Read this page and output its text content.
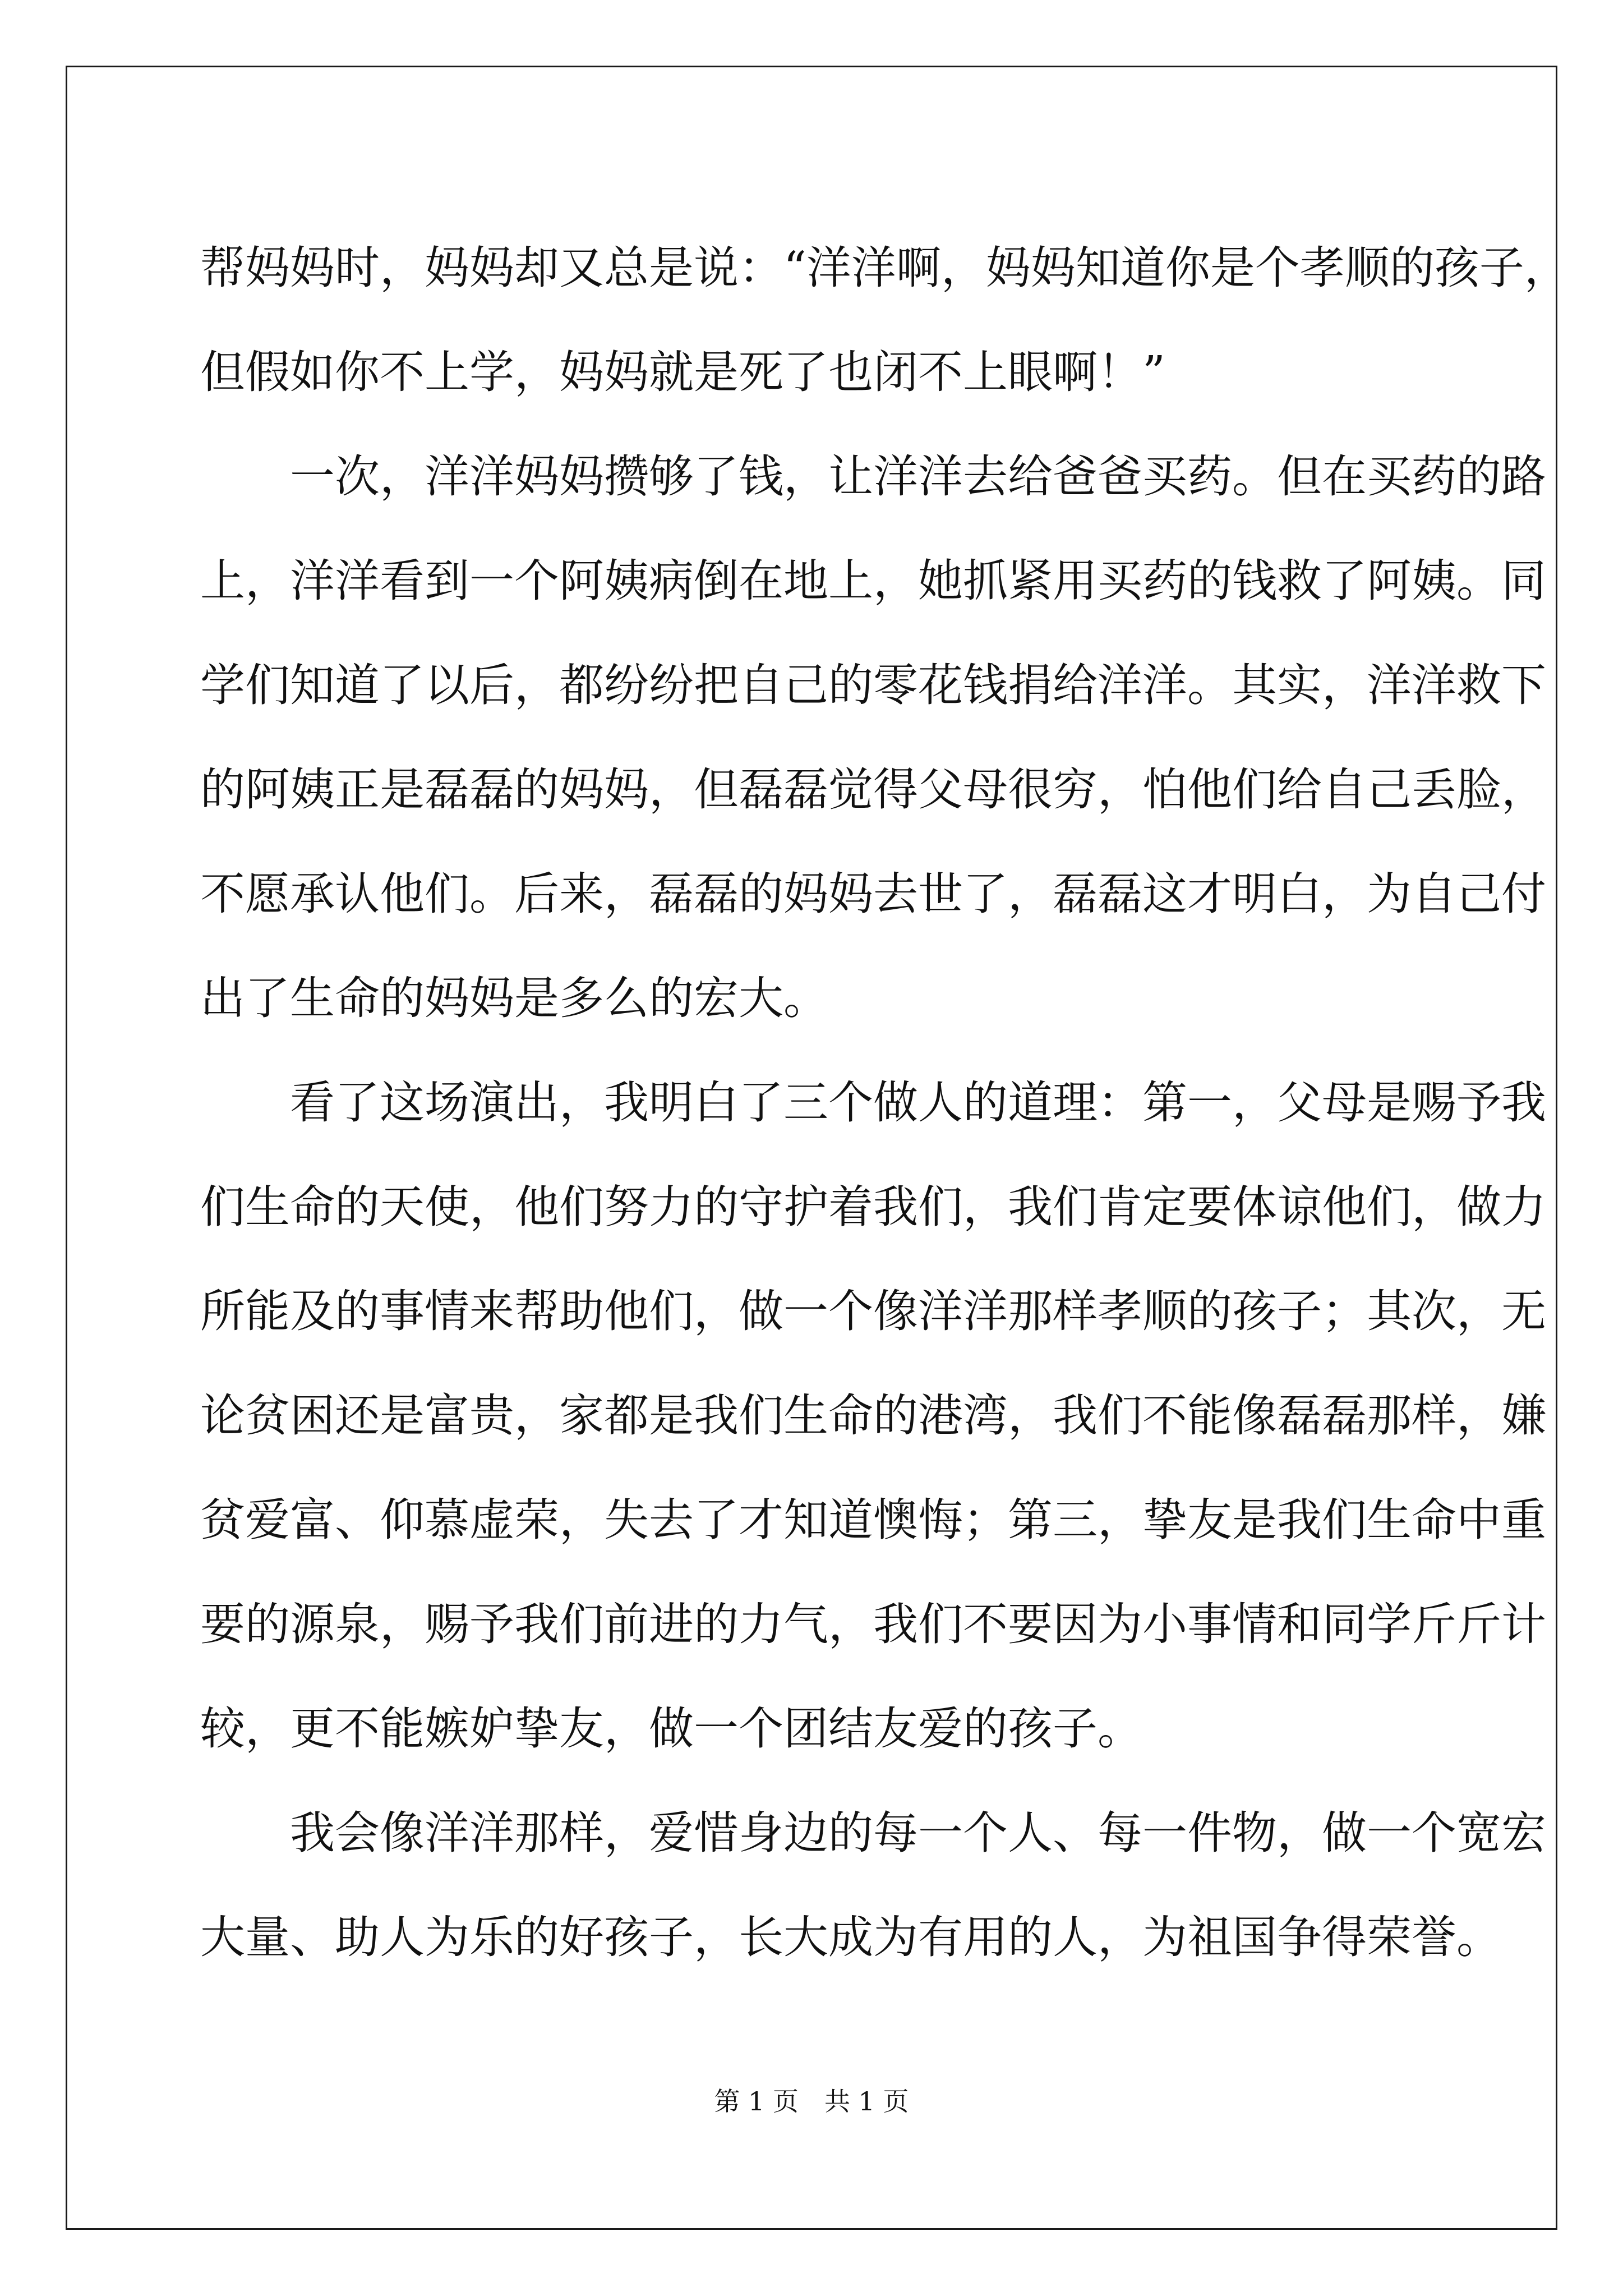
帮妈妈时，妈妈却又总是说：“洋洋啊，妈妈知道你是个孝顺的孩子，
但假如你不上学，妈妈就是死了也闭不上眼啊！”
　　一次，洋洋妈妈攒够了钱，让洋洋去给爸爸买药。但在买药的路
上，洋洋看到一个阿姨病倒在地上，她抓紧用买药的钱救了阿姨。同
学们知道了以后，都纷纷把自己的零花钱捐给洋洋。其实，洋洋救下
的阿姨正是磊磊的妈妈，但磊磊觉得父母很穷，怕他们给自己丢脸，
不愿承认他们。后来，磊磊的妈妈去世了，磊磊这才明白，为自己付
出了生命的妈妈是多么的宏大。
　　看了这场演出，我明白了三个做人的道理：第一，父母是赐予我
们生命的天使，他们努力的守护着我们，我们肯定要体谅他们，做力
所能及的事情来帮助他们，做一个像洋洋那样孝顺的孩子；其次，无
论贫困还是富贵，家都是我们生命的港湾，我们不能像磊磊那样，嫌
贫爱富、仰慕虚荣，失去了才知道懊悔；第三，挚友是我们生命中重
要的源泉，赐予我们前进的力气，我们不要因为小事情和同学斤斤计
较，更不能嫉妒挚友，做一个团结友爱的孩子。
　　我会像洋洋那样，爱惜身边的每一个人、每一件物，做一个宽宏
大量、助人为乐的好孩子，长大成为有用的人，为祖国争得荣誉。
第 1 页　共 1 页
